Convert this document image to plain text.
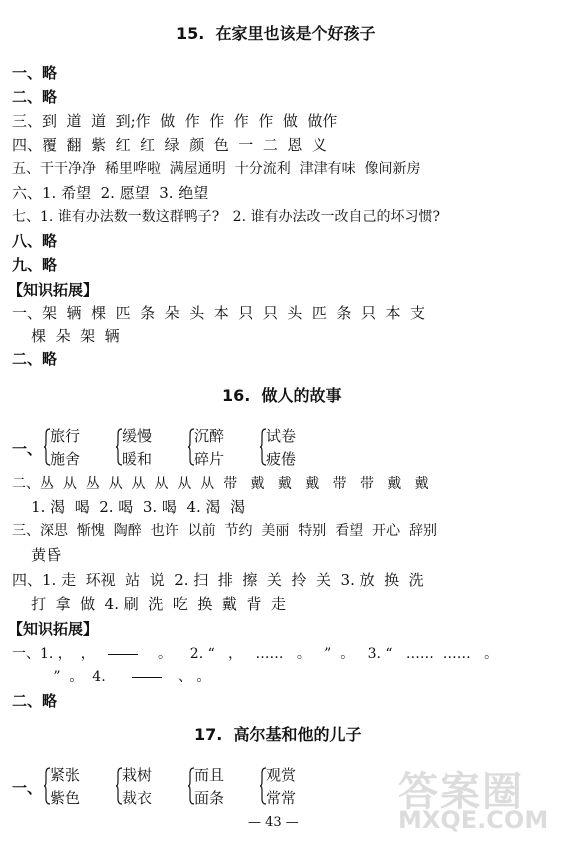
15.  在家里也该是个好孩子
一、略
二、略
三、到  道  道  到;作  做  作  作  作  作  做  做作
四、覆  翻  紫  红  红  绿  颜  色  一  二  恩  义
五、干干净净  稀里哗啦  满屋通明  十分流利  津津有味  像间新房
六、1. 希望  2. 愿望  3. 绝望
七、1. 谁有办法数一数这群鸭子?   2. 谁有办法改一改自己的坏习惯?
八、略
九、略
【知识拓展】
一、架  辆  棵  匹  条  朵  头  本  只  只  头  匹  条  只  本  支
棵  朵  架  辆
二、略
16.  做人的故事
一、
旅行
施舍
缓慢
暖和
沉醉
碎片
试卷
疲倦
二、丛  从  丛  从  从  从  从  从  带   戴   戴   戴   带   带   戴   戴
1. 渴  喝  2. 喝  3. 喝  4. 渴  渴
三、深思  惭愧  陶醉  也许  以前  节约  美丽  特别  看望  开心  辞别
黄昏
四、1. 走  环视  站  说  2. 扫  排  擦  关  拎  关  3. 放  换  洗
打  拿  做  4. 刷  洗  吃  换  戴  背  走
【知识拓展】
一、1. ，  ，	。    2. “   ，   ……   。   ”  。   3. “   ……  ……   。
”  。  4.	、 。
二、略
17.  高尔基和他的儿子
一、
紧张
紫色
栽树
裁衣
而且
面条
观赏
常常
— 43 —
答案圈
MXQE.COM
